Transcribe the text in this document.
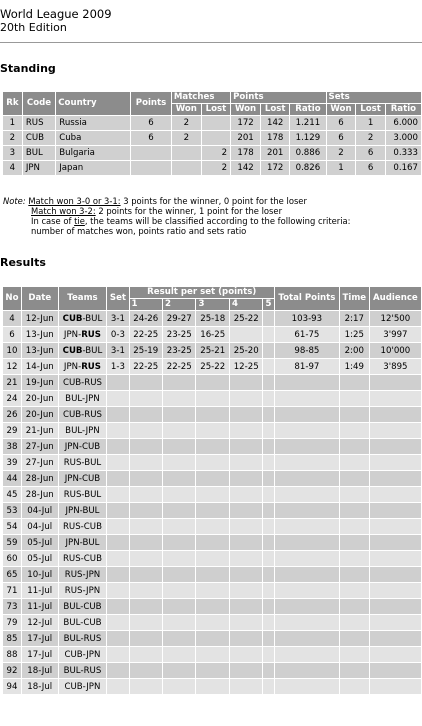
World League 2009
20th Edition
Standing
Rk	Code	Country	Points	Matches		Points			Sets		
				Won	Lost	Won	Lost	Ratio	Won	Lost	Ratio
1	RUS	Russia	6	2		172	142	1.211	6	1	6.000
2	CUB	Cuba	6	2		201	178	1.129	6	2	3.000
3	BUL	Bulgaria			2	178	201	0.886	2	6	0.333
4	JPN	Japan			2	142	172	0.826	1	6	0.167
Note: Match won 3-0 or 3-1: 3 points for the winner, 0 point for the loser
Match won 3-2: 2 points for the winner, 1 point for the loser
In case of tie, the teams will be classified according to the following criteria:
number of matches won, points ratio and sets ratio
Results
No	Date	Teams	Set	Result per set (points)					Total Points	Time	Audience
				1	2	3	4	5			
4	12-Jun	CUB-BUL	3-1	24-26	29-27	25-18	25-22		103-93	2:17	12'500
6	13-Jun	JPN-RUS	0-3	22-25	23-25	16-25			61-75	1:25	3'997
10	13-Jun	CUB-BUL	3-1	25-19	23-25	25-21	25-20		98-85	2:00	10'000
12	14-Jun	JPN-RUS	1-3	22-25	22-25	25-22	12-25		81-97	1:49	3'895
21	19-Jun	CUB-RUS									
24	20-Jun	BUL-JPN									
26	20-Jun	CUB-RUS									
29	21-Jun	BUL-JPN									
38	27-Jun	JPN-CUB									
39	27-Jun	RUS-BUL									
44	28-Jun	JPN-CUB									
45	28-Jun	RUS-BUL									
53	04-Jul	JPN-BUL									
54	04-Jul	RUS-CUB									
59	05-Jul	JPN-BUL									
60	05-Jul	RUS-CUB									
65	10-Jul	RUS-JPN									
71	11-Jul	RUS-JPN									
73	11-Jul	BUL-CUB									
79	12-Jul	BUL-CUB									
85	17-Jul	BUL-RUS									
88	17-Jul	CUB-JPN									
92	18-Jul	BUL-RUS									
94	18-Jul	CUB-JPN									
